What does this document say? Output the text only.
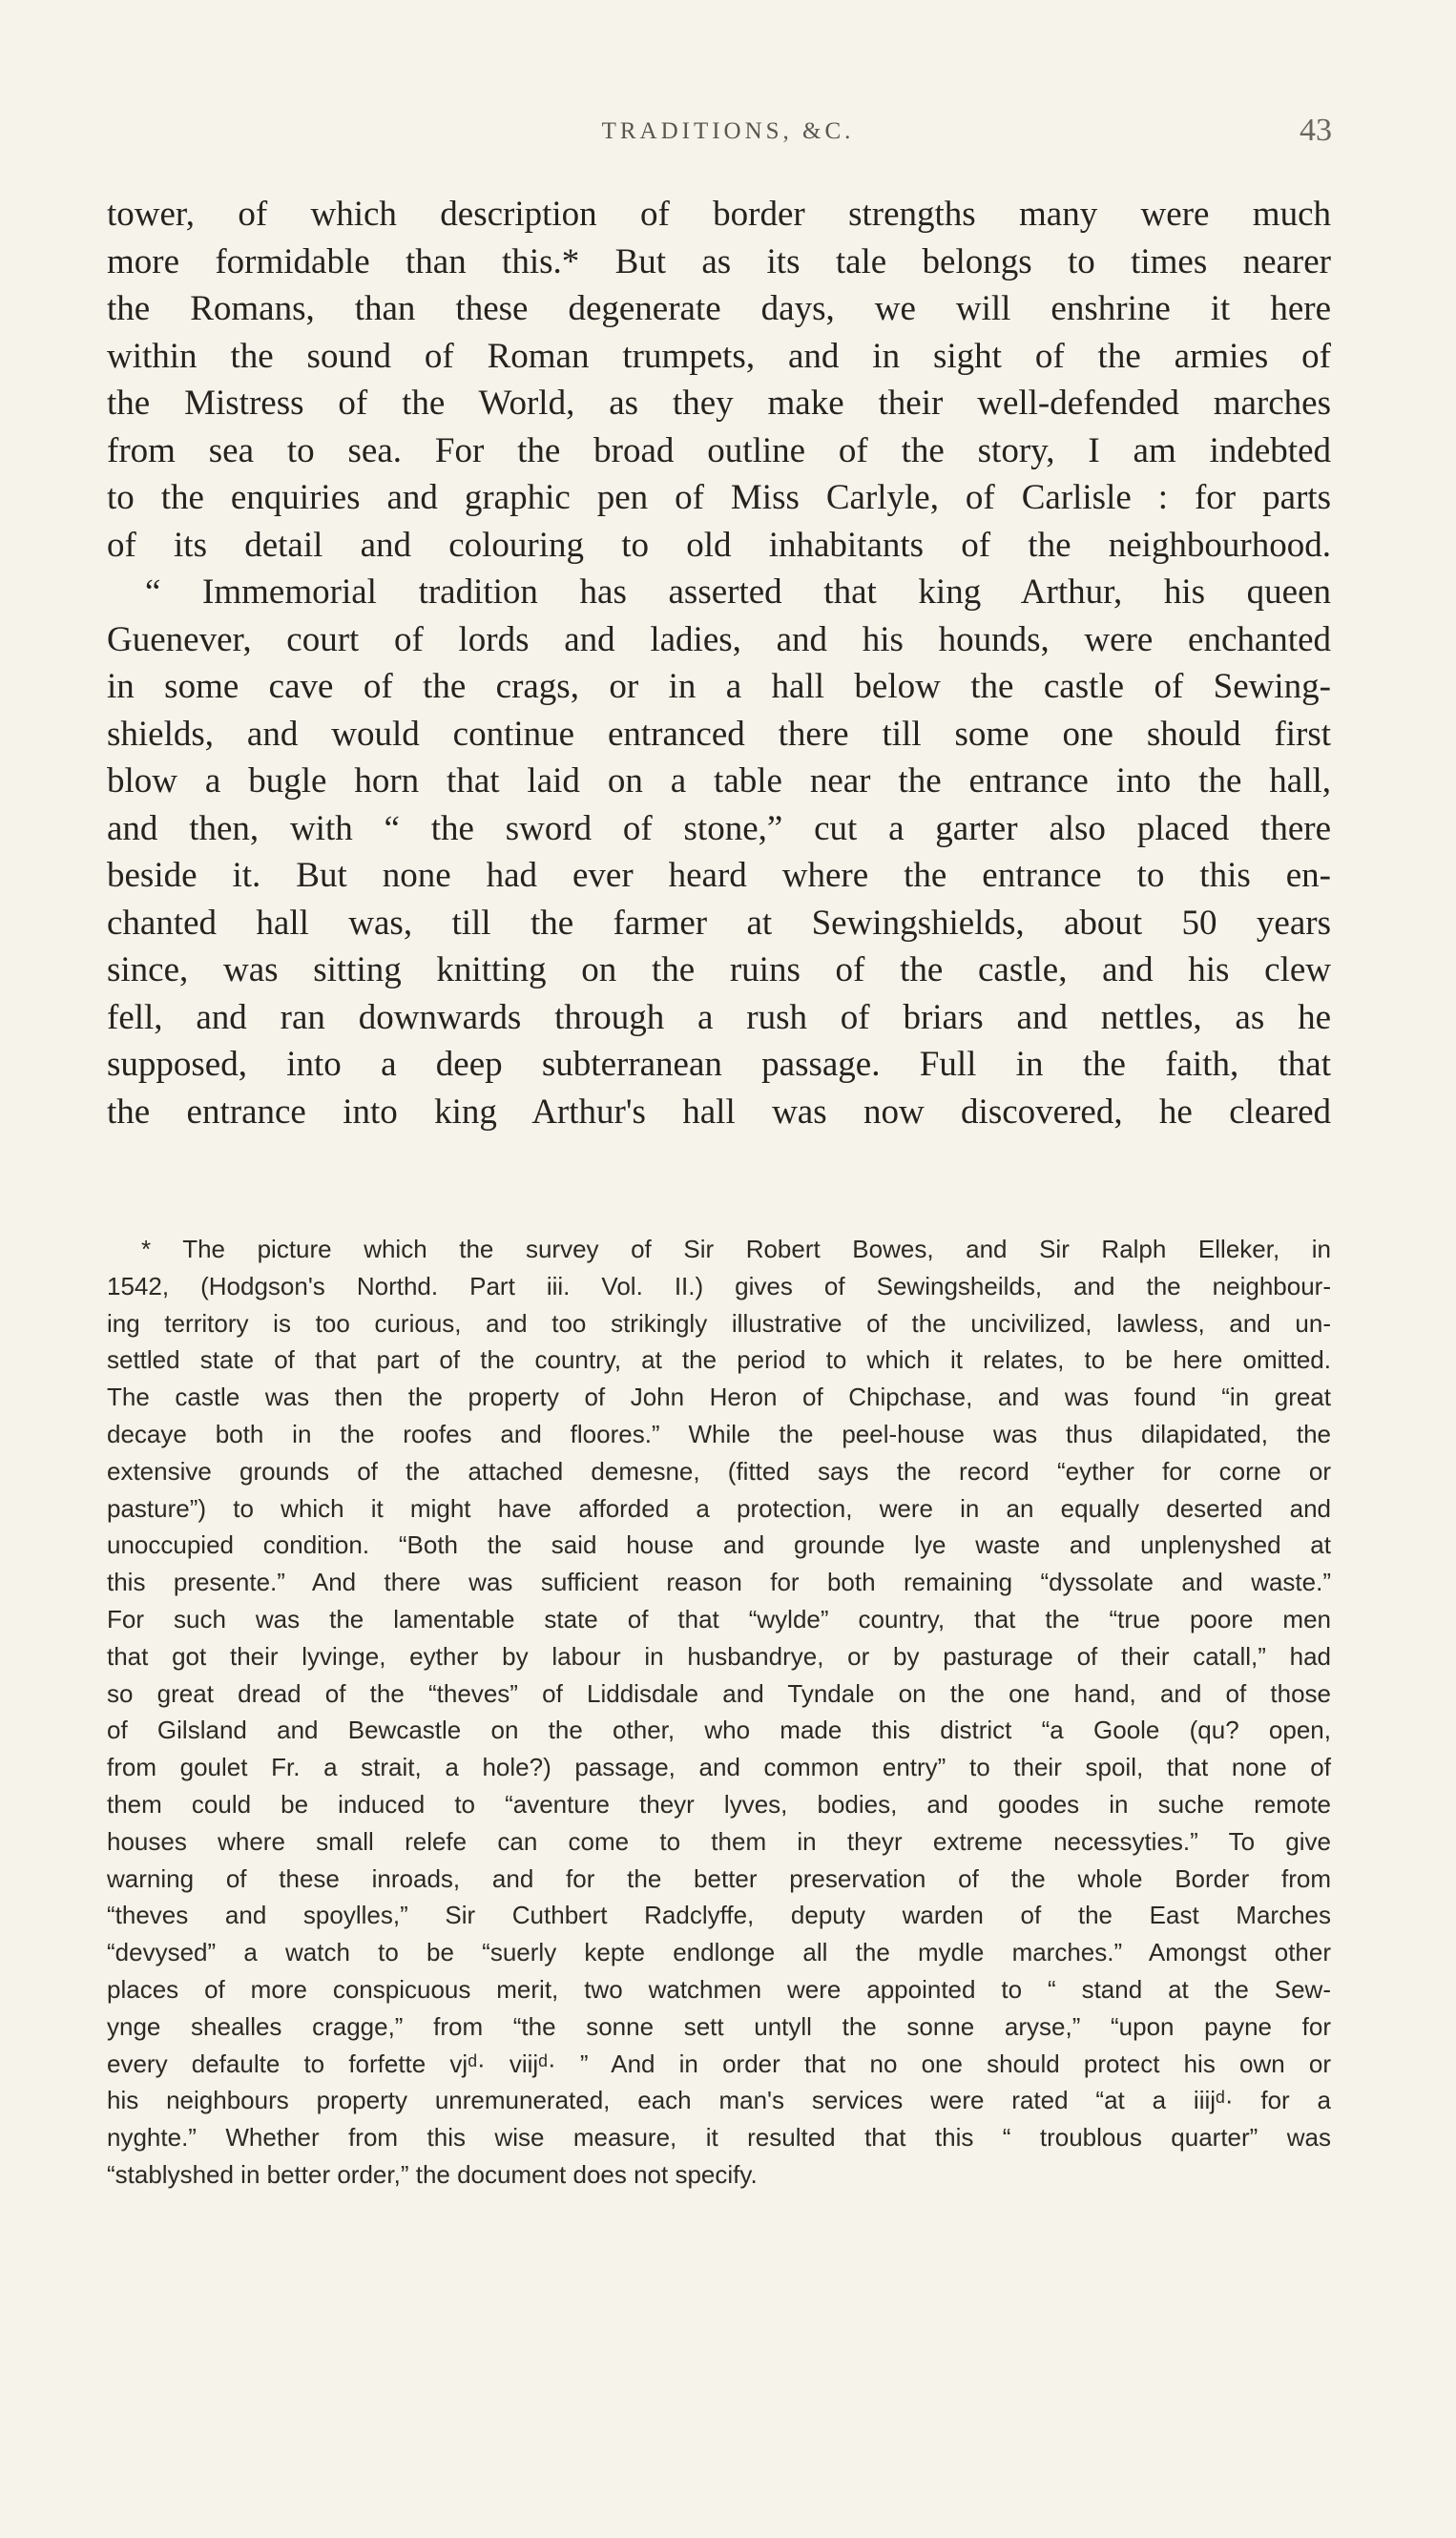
TRADITIONS, &C.	43
tower, of which description of border strengths many were much
more formidable than this.* But as its tale belongs to times nearer
the Romans, than these degenerate days, we will enshrine it here
within the sound of Roman trumpets, and in sight of the armies of
the Mistress of the World, as they make their well-defended marches
from sea to sea. For the broad outline of the story, I am indebted
to the enquiries and graphic pen of Miss Carlyle, of Carlisle : for parts
of its detail and colouring to old inhabitants of the neighbourhood.
“ Immemorial tradition has asserted that king Arthur, his queen
Guenever, court of lords and ladies, and his hounds, were enchanted
in some cave of the crags, or in a hall below the castle of Sewing-
shields, and would continue entranced there till some one should first
blow a bugle horn that laid on a table near the entrance into the hall,
and then, with “ the sword of stone,” cut a garter also placed there
beside it. But none had ever heard where the entrance to this en-
chanted hall was, till the farmer at Sewingshields, about 50 years
since, was sitting knitting on the ruins of the castle, and his clew
fell, and ran downwards through a rush of briars and nettles, as he
supposed, into a deep subterranean passage. Full in the faith, that
the entrance into king Arthur's hall was now discovered, he cleared
* The picture which the survey of Sir Robert Bowes, and Sir Ralph Elleker, in
1542, (Hodgson's Northd. Part iii. Vol. II.) gives of Sewingsheilds, and the neighbour-
ing territory is too curious, and too strikingly illustrative of the uncivilized, lawless, and un-
settled state of that part of the country, at the period to which it relates, to be here omitted.
The castle was then the property of John Heron of Chipchase, and was found “in great
decaye both in the roofes and floores.” While the peel-house was thus dilapidated, the
extensive grounds of the attached demesne, (fitted says the record “eyther for corne or
pasture”) to which it might have afforded a protection, were in an equally deserted and
unoccupied condition. “Both the said house and grounde lye waste and unplenyshed at
this presente.” And there was sufficient reason for both remaining “dyssolate and waste.”
For such was the lamentable state of that “wylde” country, that the “true poore men
that got their lyvinge, eyther by labour in husbandrye, or by pasturage of their catall,” had
so great dread of the “theves” of Liddisdale and Tyndale on the one hand, and of those
of Gilsland and Bewcastle on the other, who made this district “a Goole (qu? open,
from goulet Fr. a strait, a hole?) passage, and common entry” to their spoil, that none of
them could be induced to “aventure theyr lyves, bodies, and goodes in suche remote
houses where small relefe can come to them in theyr extreme necessyties.” To give
warning of these inroads, and for the better preservation of the whole Border from
“theves and spoylles,” Sir Cuthbert Radclyffe, deputy warden of the East Marches
“devysed” a watch to be “suerly kepte endlonge all the mydle marches.” Amongst other
places of more conspicuous merit, two watchmen were appointed to “ stand at the Sew-
ynge shealles cragge,” from “the sonne sett untyll the sonne aryse,” “upon payne for
every defaulte to forfette vjᵈ· viijᵈ· ” And in order that no one should protect his own or
his neighbours property unremunerated, each man's services were rated “at a iiijᵈ· for a
nyghte.” Whether from this wise measure, it resulted that this “ troublous quarter” was
“stablyshed in better order,” the document does not specify.
